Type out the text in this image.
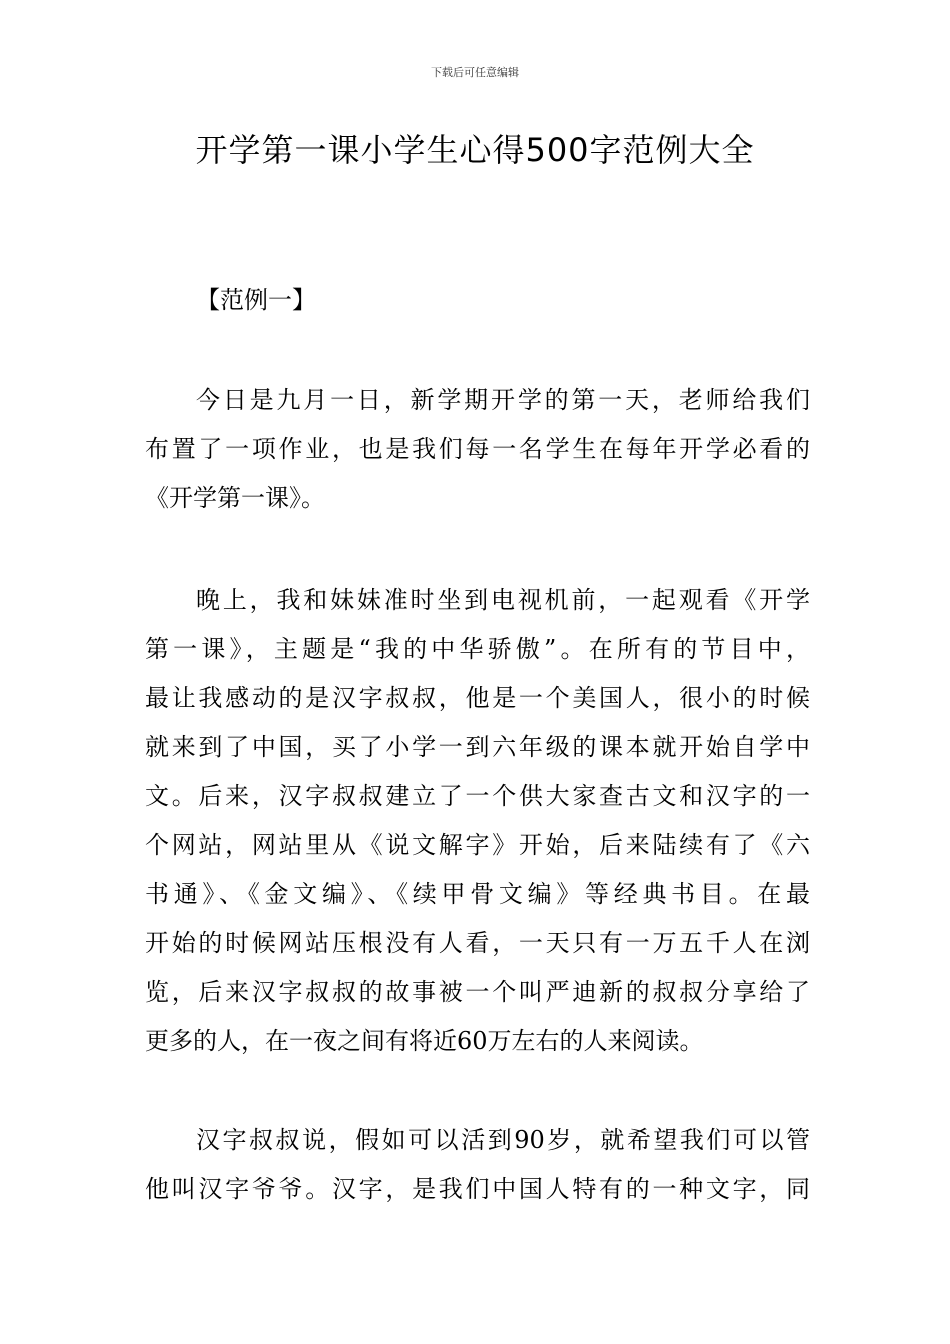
下载后可任意编辑
开学第一课小学生心得500字范例大全
【范例一】

今日是九月一日，新学期开学的第一天，老师给我们
布置了一项作业，也是我们每一名学生在每年开学必看的
《开学第一课》。

晚上，我和妹妹准时坐到电视机前，一起观看《开学
第一课》，主题是“我的中华骄傲”。在所有的节目中，
最让我感动的是汉字叔叔，他是一个美国人，很小的时候
就来到了中国，买了小学一到六年级的课本就开始自学中
文。后来，汉字叔叔建立了一个供大家查古文和汉字的一
个网站，网站里从《说文解字》开始，后来陆续有了《六
书通》、《金文编》、《续甲骨文编》等经典书目。在最
开始的时候网站压根没有人看，一天只有一万五千人在浏
览，后来汉字叔叔的故事被一个叫严迪新的叔叔分享给了
更多的人，在一夜之间有将近60万左右的人来阅读。

汉字叔叔说，假如可以活到90岁，就希望我们可以管
他叫汉字爷爷。汉字，是我们中国人特有的一种文字，同
